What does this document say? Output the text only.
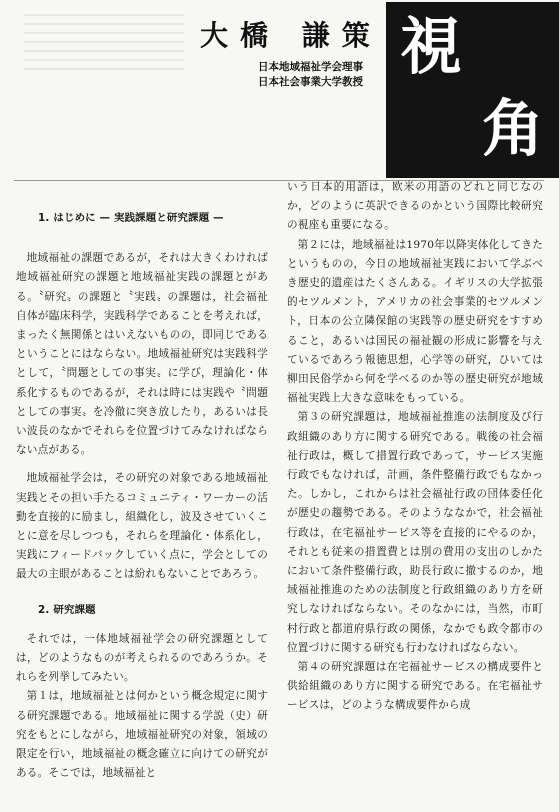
大橋 謙策
日本地域福祉学会理事
日本社会事業大学教授 視
角

1. はじめに — 実践課題と研究課題 —

地域福祉の課題であるが，それは大きくわければ地域福祉研究の課題と地域福祉実践の課題とがある。〝研究〟の課題と〝実践〟の課題は，社会福祉自体が臨床科学，実践科学であることを考えれば，まったく無関係とはいえないものの，即同じであるということにはならない。地域福祉研究は実践科学として，〝問題としての事実〟に学び，理論化・体系化するものであるが，それは時には実践や〝問題としての事実〟を冷徹に突き放したり，あるいは長い波長のなかでそれらを位置づけてみなければならない点がある。

地域福祉学会は，その研究の対象である地域福祉実践とその担い手たるコミュニティ・ワーカーの活動を直接的に励まし，組織化し，波及させていくことに意を尽しつつも，それらを理論化・体系化し，実践にフィードバックしていく点に，学会としての最大の主眼があることは紛れもないことであろう。

2. 研究課題

それでは，一体地域福祉学会の研究課題としては，どのようなものが考えられるのであろうか。それらを列挙してみたい。

第１は，地域福祉とは何かという概念規定に関する研究課題である。地域福祉に関する学説（史）研究をもとにしながら，地域福祉研究の対象，領域の限定を行い，地域福祉の概念確立に向けての研究がある。そこでは，地域福祉と

いう日本的用語は，欧米の用語のどれと同じなのか，どのように英訳できるのかという国際比較研究の視座も重要になる。

第２には，地域福祉は1970年以降実体化してきたというものの，今日の地域福祉実践において学ぶべき歴史的遺産はたくさんある。イギリスの大学拡張的セツルメント，アメリカの社会事業的セツルメント，日本の公立隣保館の実践等の歴史研究をすすめること，あるいは国民の福祉観の形成に影響を与えているであろう報徳思想，心学等の研究，ひいては柳田民俗学から何を学べるのか等の歴史研究が地域福祉実践上大きな意味をもっている。

第３の研究課題は，地域福祉推進の法制度及び行政組織のあり方に関する研究である。戦後の社会福祉行政は，概して措置行政であって，サービス実施行政でもなければ，計画，条件整備行政でもなかった。しかし，これからは社会福祉行政の団体委任化が歴史の趨勢である。そのようななかで，社会福祉行政は，在宅福祉サービス等を直接的にやるのか，それとも従来の措置費とは別の費用の支出のしかたにおいて条件整備行政，助長行政に撤するのか，地域福祉推進のための法制度と行政組織のあり方を研究しなければならない。そのなかには，当然，市町村行政と都道府県行政の関係，なかでも政令都市の位置づけに関する研究も行わなければならない。

第４の研究課題は在宅福祉サービスの構成要件と供給組織のあり方に関する研究である。在宅福祉サービスは，どのような構成要件から成
